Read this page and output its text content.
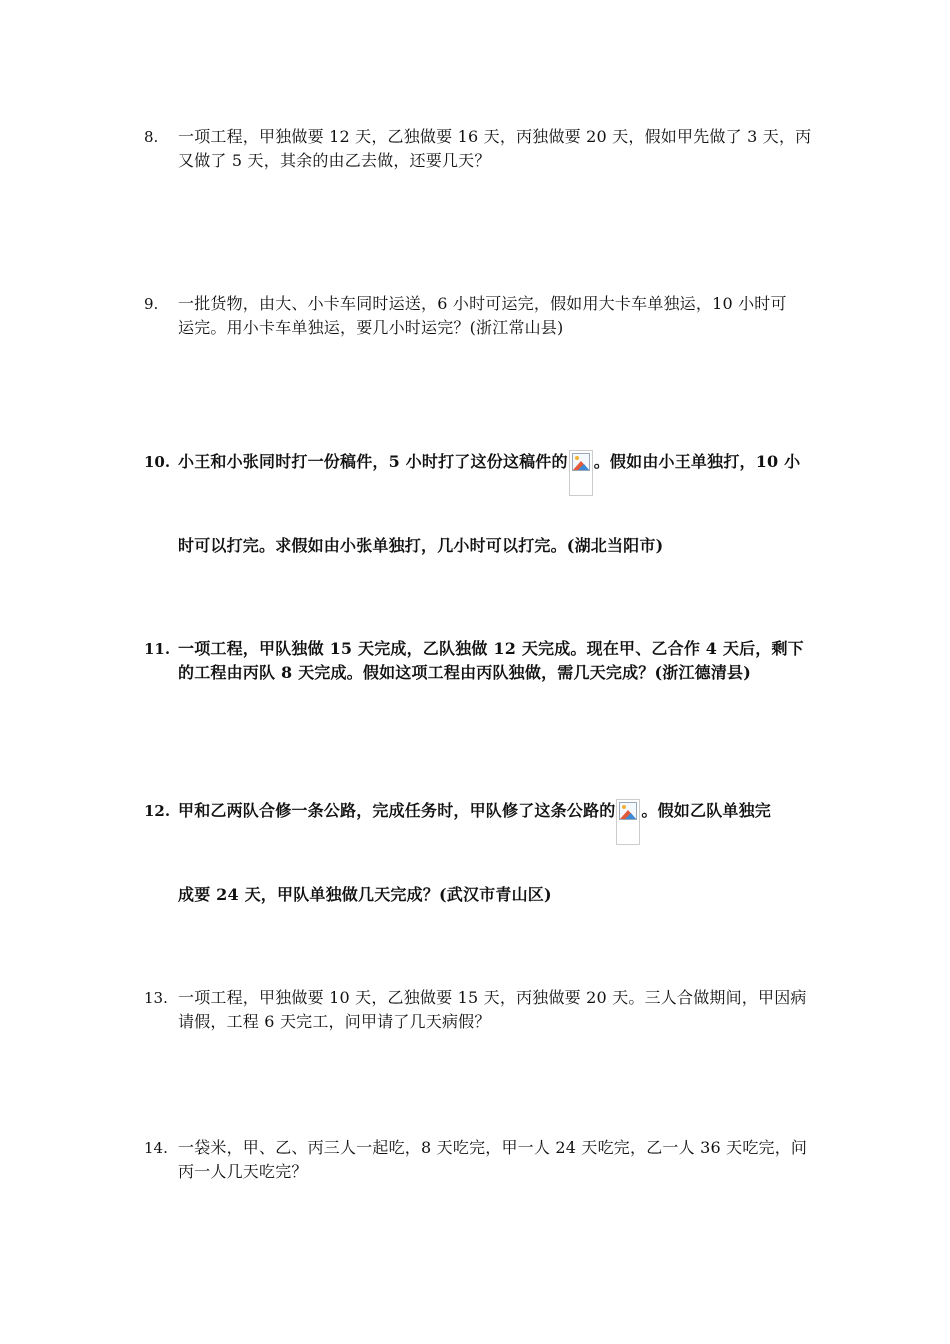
8. 一项工程，甲独做要 12 天，乙独做要 16 天，丙独做要 20 天，假如甲先做了 3 天，丙
又做了 5 天，其余的由乙去做，还要几天？
9. 一批货物，由大、小卡车同时运送，6 小时可运完，假如用大卡车单独运，10 小时可
运完。用小卡车单独运，要几小时运完？(浙江常山县)
10. 小王和小张同时打一份稿件，5 小时打了这份这稿件的 。假如由小王单独打，10 小
时可以打完。求假如由小张单独打，几小时可以打完。(湖北当阳市)
11. 一项工程，甲队独做 15 天完成，乙队独做 12 天完成。现在甲、乙合作 4 天后，剩下
的工程由丙队 8 天完成。假如这项工程由丙队独做，需几天完成？(浙江德清县)
12. 甲和乙两队合修一条公路，完成任务时，甲队修了这条公路的 。假如乙队单独完
成要 24 天，甲队单独做几天完成？(武汉市青山区)
13. 一项工程，甲独做要 10 天，乙独做要 15 天，丙独做要 20 天。三人合做期间，甲因病
请假，工程 6 天完工，问甲请了几天病假？
14. 一袋米，甲、乙、丙三人一起吃，8 天吃完，甲一人 24 天吃完，乙一人 36 天吃完，问
丙一人几天吃完？
